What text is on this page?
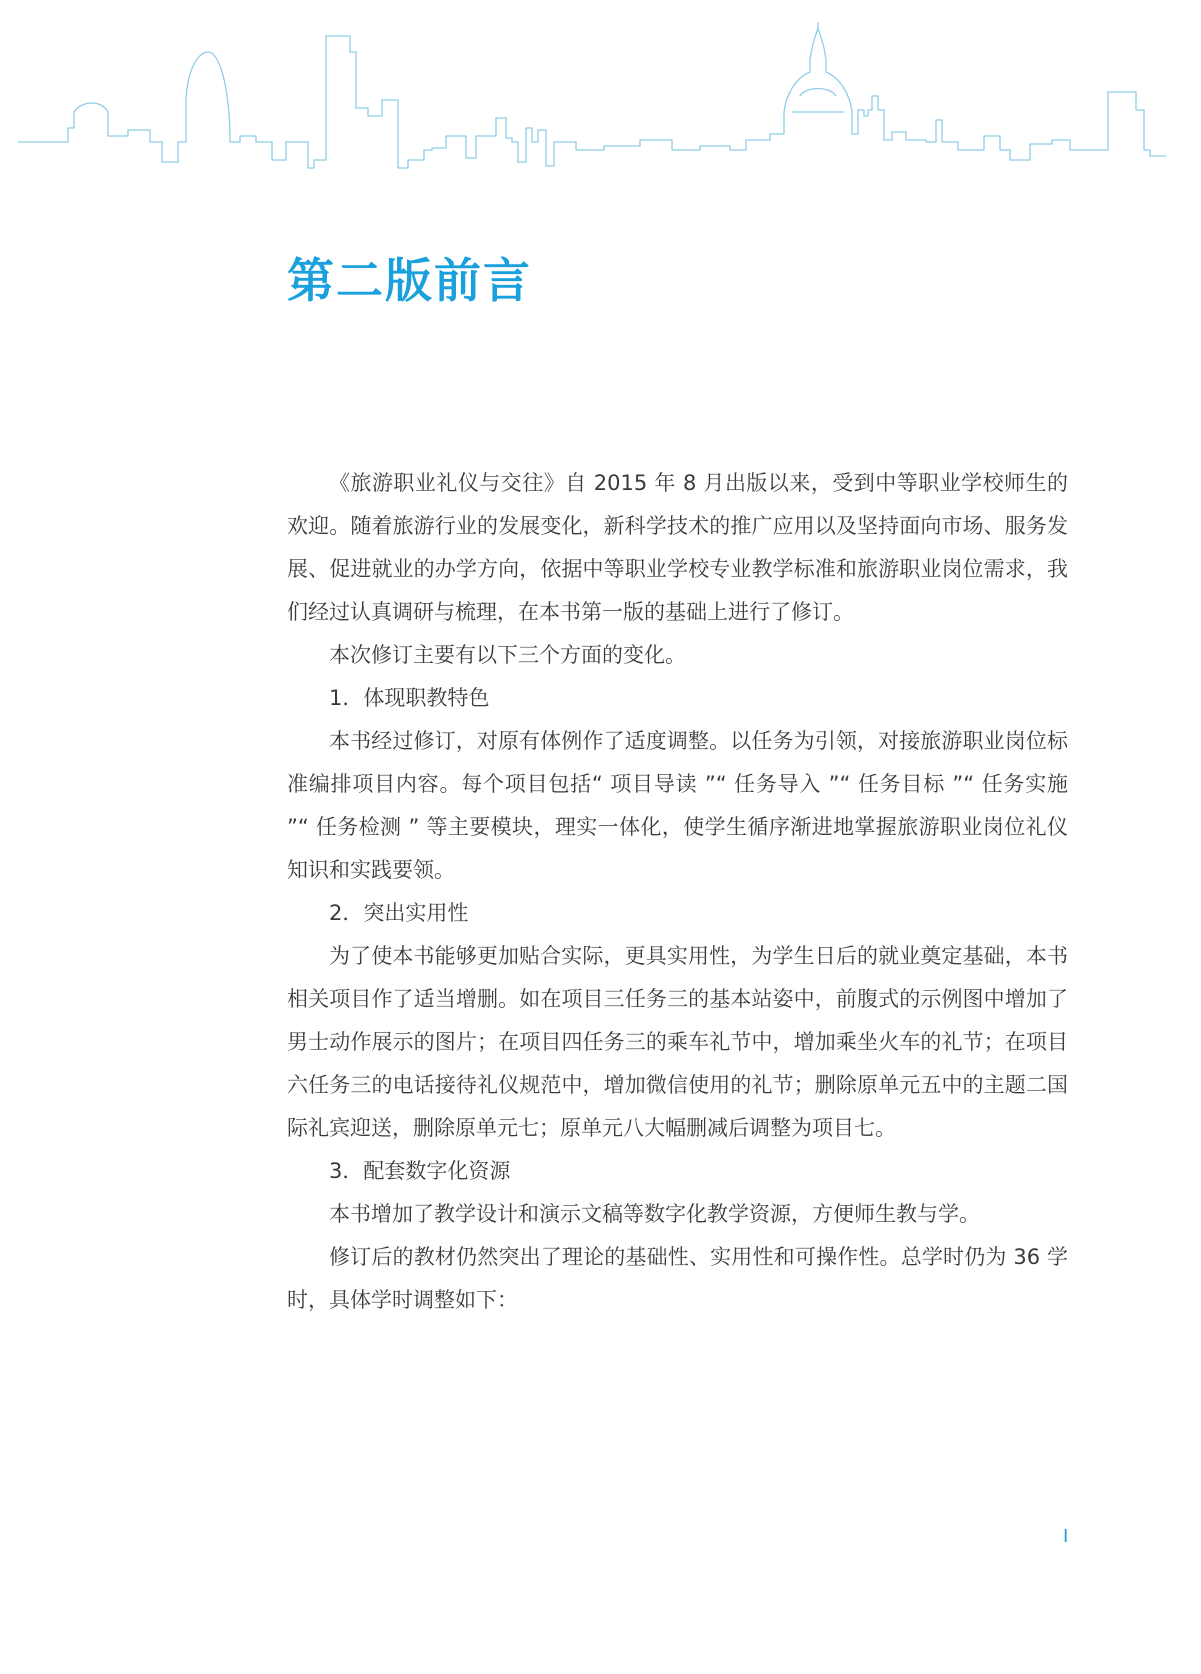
第二版前言

《旅游职业礼仪与交往》自 2015 年 8 月出版以来，受到中等职业学校师生的欢迎。随着旅游行业的发展变化，新科学技术的推广应用以及坚持面向市场、服务发展、促进就业的办学方向，依据中等职业学校专业教学标准和旅游职业岗位需求，我们经过认真调研与梳理，在本书第一版的基础上进行了修订。

本次修订主要有以下三个方面的变化。

1．体现职教特色

本书经过修订，对原有体例作了适度调整。以任务为引领，对接旅游职业岗位标准编排项目内容。每个项目包括“ 项目导读 ”“ 任务导入 ”“ 任务目标 ”“ 任务实施 ”“ 任务检测 ” 等主要模块，理实一体化，使学生循序渐进地掌握旅游职业岗位礼仪知识和实践要领。

2．突出实用性

为了使本书能够更加贴合实际，更具实用性，为学生日后的就业奠定基础，本书相关项目作了适当增删。如在项目三任务三的基本站姿中，前腹式的示例图中增加了男士动作展示的图片；在项目四任务三的乘车礼节中，增加乘坐火车的礼节；在项目六任务三的电话接待礼仪规范中，增加微信使用的礼节；删除原单元五中的主题二国际礼宾迎送，删除原单元七；原单元八大幅删减后调整为项目七。

3．配套数字化资源

本书增加了教学设计和演示文稿等数字化教学资源，方便师生教与学。

修订后的教材仍然突出了理论的基础性、实用性和可操作性。总学时仍为 36 学时，具体学时调整如下：

I
